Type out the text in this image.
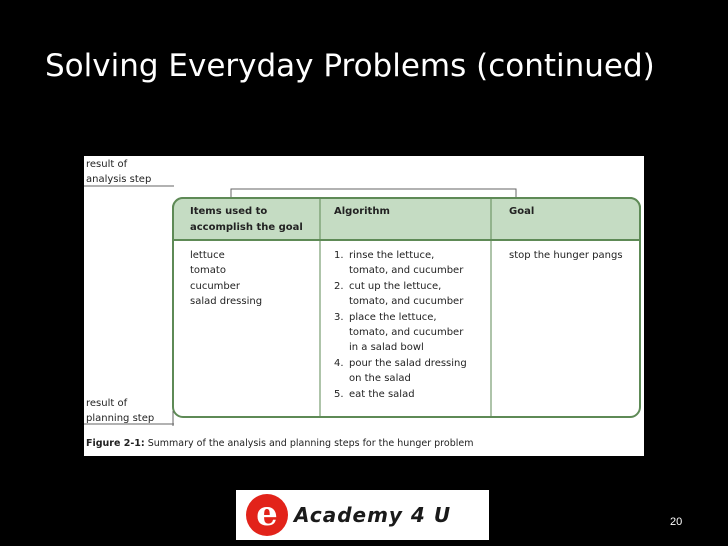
Solving Everyday Problems (continued)
result of
analysis step
result of
planning step
Items used to
accomplish the goal
Algorithm	Goal
lettuce
tomato
cucumber
salad dressing
1. rinse the lettuce,
tomato, and cucumber
2. cut up the lettuce,
tomato, and cucumber
3. place the lettuce,
tomato, and cucumber
in a salad bowl
4. pour the salad dressing
on the salad
5. eat the salad
stop the hunger pangs
Figure 2-1: Summary of the analysis and planning steps for the hunger problem
e Academy 4 U	20
